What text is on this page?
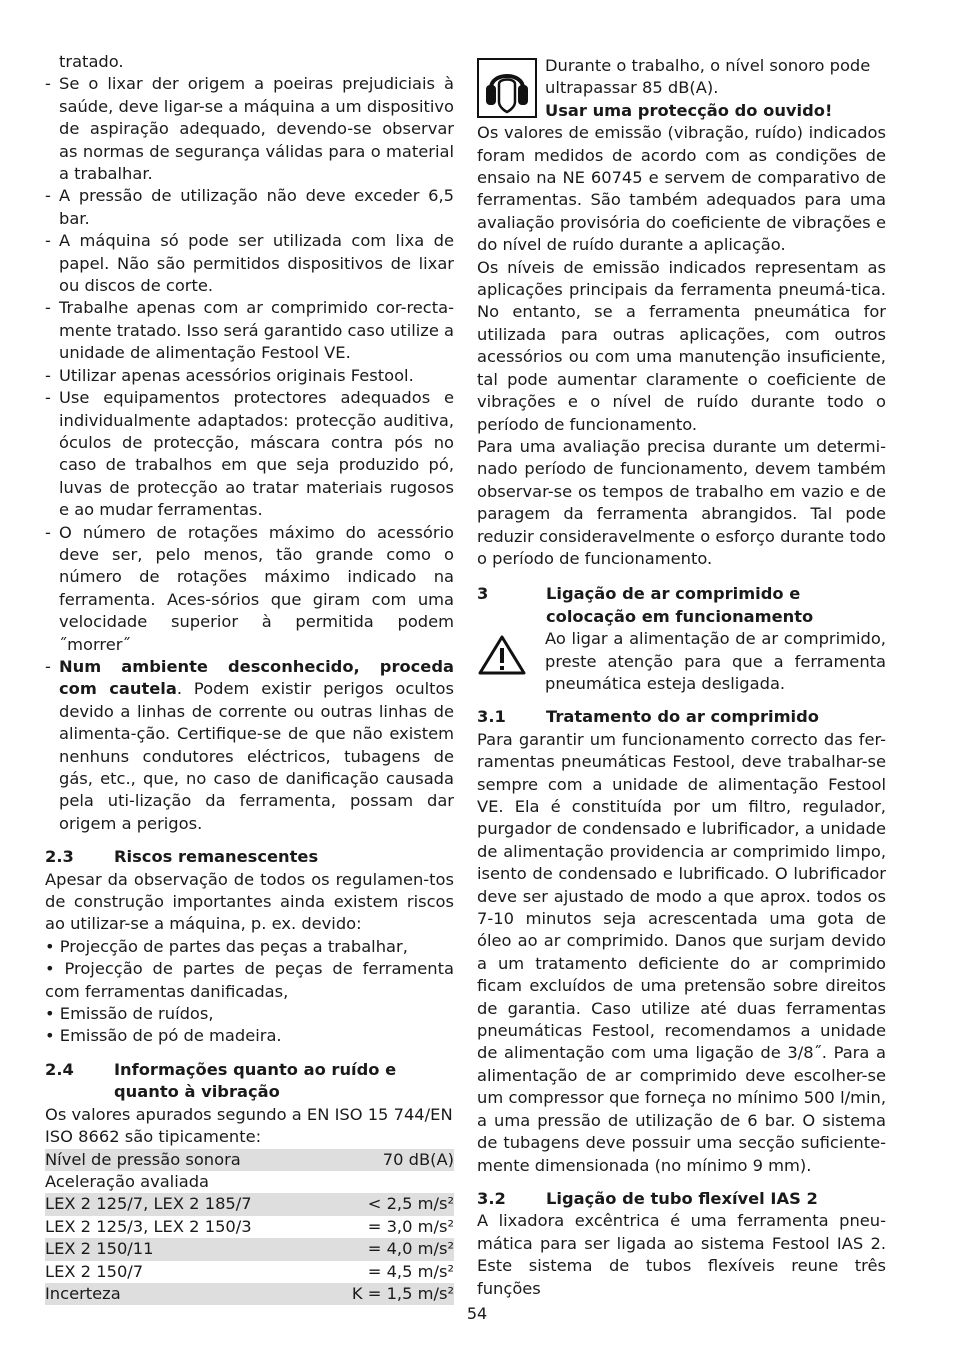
tratado.

- Se o lixar der origem a poeiras prejudiciais à saúde, deve ligar-se a máquina a um dispositivo de aspiração adequado, devendo-se observar as normas de segurança válidas para o material a trabalhar.
- A pressão de utilização não deve exceder 6,5 bar.
- A máquina só pode ser utilizada com lixa de papel. Não são permitidos dispositivos de lixar ou discos de corte.
- Trabalhe apenas com ar comprimido cor-recta-mente tratado. Isso será garantido caso utilize a unidade de alimentação Festool VE.
- Utilizar apenas acessórios originais Festool.
- Use equipamentos protectores adequados e individualmente adaptados: protecção auditiva, óculos de protecção, máscara contra pós no caso de trabalhos em que seja produzido pó, luvas de protecção ao tratar materiais rugosos e ao mudar ferramentas.
- O número de rotações máximo do acessório deve ser, pelo menos, tão grande como o número de rotações máximo indicado na ferramenta. Aces-sórios que giram com uma velocidade superior à permitida podem ˝morrer˝
- Num ambiente desconhecido, proceda com cautela. Podem existir perigos ocultos devido a linhas de corrente ou outras linhas de alimenta-ção. Certifique-se de que não existem nenhuns condutores eléctricos, tubagens de gás, etc., que, no caso de danificação causada pela uti-lização da ferramenta, possam dar origem a perigos.
2.3	Riscos remanescentes

Apesar da observação de todos os regulamen-tos de construção importantes ainda existem riscos ao utilizar-se a máquina, p. ex. devido:

• Projecção de partes das peças a trabalhar,

• Projecção de partes de peças de ferramenta com ferramentas danificadas,

• Emissão de ruídos,

• Emissão de pó de madeira.

2.4	Informações quanto ao ruído e quanto à vibração

Os valores apurados segundo a EN ISO 15 744/EN ISO 8662 são tipicamente:

Nível de pressão sonora	70 dB(A)
Aceleração avaliada	
LEX 2 125/7, LEX 2 185/7	< 2,5 m/s²
LEX 2 125/3, LEX 2 150/3	= 3,0 m/s²
LEX 2 150/11	= 4,0 m/s²
LEX 2 150/7	= 4,5 m/s²
Incerteza	K = 1,5 m/s²

Durante o trabalho, o nível sonoro pode ultrapassar 85 dB(A).

Usar uma protecção do ouvido!

Os valores de emissão (vibração, ruído) indicados foram medidos de acordo com as condições de ensaio na NE 60745 e servem de comparativo de ferramentas. São também adequados para uma avaliação provisória do coeficiente de vibrações e do nível de ruído durante a aplicação.

Os níveis de emissão indicados representam as aplicações principais da ferramenta pneumá-tica. No entanto, se a ferramenta pneumática for utilizada para outras aplicações, com outros acessórios ou com uma manutenção insuficiente, tal pode aumentar claramente o coeficiente de vibrações e o nível de ruído durante todo o período de funcionamento.

Para uma avaliação precisa durante um determi-nado período de funcionamento, devem também observar-se os tempos de trabalho em vazio e de paragem da ferramenta abrangidos. Tal pode reduzir consideravelmente o esforço durante todo o período de funcionamento.

3	Ligação de ar comprimido e colocação em funcionamento

Ao ligar a alimentação de ar comprimido, preste atenção para que a ferramenta pneumática esteja desligada.

3.1	Tratamento do ar comprimido

Para garantir um funcionamento correcto das fer-ramentas pneumáticas Festool, deve trabalhar-se sempre com a unidade de alimentação Festool VE. Ela é constituída por um filtro, regulador, purgador de condensado e lubrificador, a unidade de alimentação providencia ar comprimido limpo, isento de condensado e lubrificado. O lubrificador deve ser ajustado de modo a que aprox. todos os 7-10 minutos seja acrescentada uma gota de óleo ao ar comprimido. Danos que surjam devido a um tratamento deficiente do ar comprimido ficam excluídos de uma pretensão sobre direitos de garantia. Caso utilize até duas ferramentas pneumáticas Festool, recomendamos a unidade de alimentação com uma ligação de 3/8˝. Para a alimentação de ar comprimido deve escolher-se um compressor que forneça no mínimo 500 l/min, a uma pressão de utilização de 6 bar. O sistema de tubagens deve possuir uma secção suficiente-mente dimensionada (no mínimo 9 mm).

3.2	Ligação de tubo flexível IAS 2

A lixadora excêntrica é uma ferramenta pneu-mática para ser ligada ao sistema Festool IAS 2. Este sistema de tubos flexíveis reune três funções

54
